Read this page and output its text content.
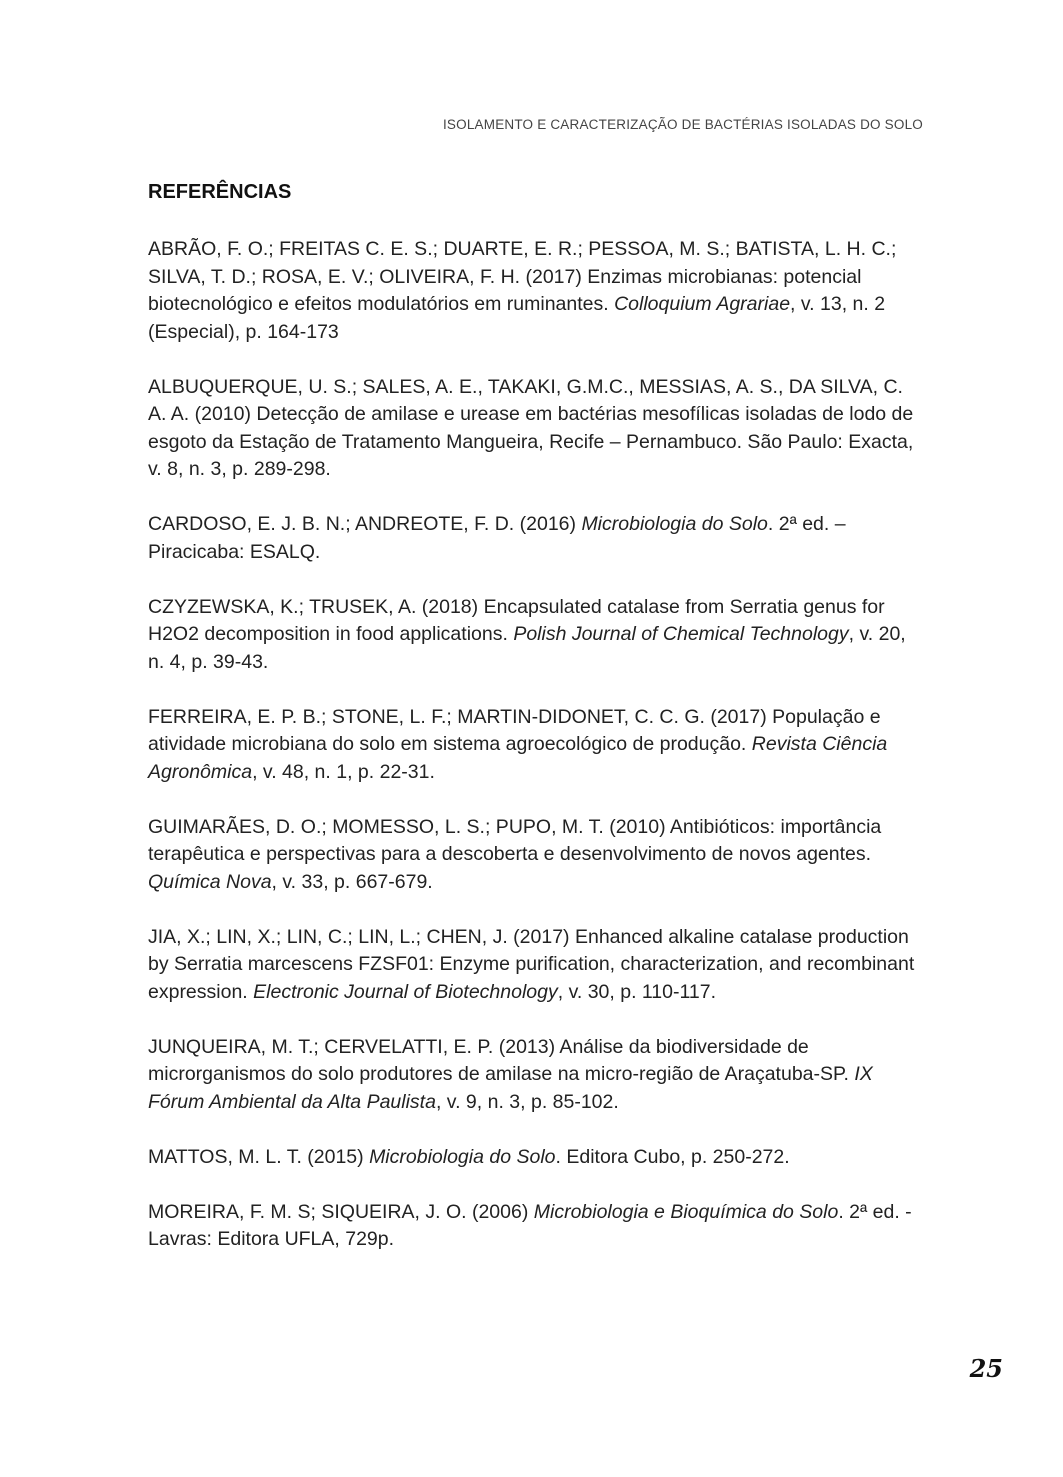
ISOLAMENTO E CARACTERIZAÇÃO DE BACTÉRIAS ISOLADAS DO SOLO
REFERÊNCIAS
ABRÃO, F. O.; FREITAS C. E. S.; DUARTE, E. R.; PESSOA, M. S.; BATISTA, L. H. C.; SILVA, T. D.; ROSA, E. V.; OLIVEIRA, F. H. (2017) Enzimas microbianas: potencial biotecnológico e efeitos modulatórios em ruminantes. Colloquium Agrariae, v. 13, n. 2 (Especial), p. 164-173
ALBUQUERQUE, U. S.; SALES, A. E., TAKAKI, G.M.C., MESSIAS, A. S., DA SILVA, C. A. A. (2010) Detecção de amilase e urease em bactérias mesofílicas isoladas de lodo de esgoto da Estação de Tratamento Mangueira, Recife – Pernambuco. São Paulo: Exacta, v. 8, n. 3, p. 289-298.
CARDOSO, E. J. B. N.; ANDREOTE, F. D. (2016) Microbiologia do Solo. 2ª ed. – Piracicaba: ESALQ.
CZYZEWSKA, K.; TRUSEK, A. (2018) Encapsulated catalase from Serratia genus for H2O2 decomposition in food applications. Polish Journal of Chemical Technology, v. 20, n. 4, p. 39-43.
FERREIRA, E. P. B.; STONE, L. F.; MARTIN-DIDONET, C. C. G. (2017) População e atividade microbiana do solo em sistema agroecológico de produção. Revista Ciência Agronômica, v. 48, n. 1, p. 22-31.
GUIMARÃES, D. O.; MOMESSO, L. S.; PUPO, M. T. (2010) Antibióticos: importância terapêutica e perspectivas para a descoberta e desenvolvimento de novos agentes. Química Nova, v. 33, p. 667-679.
JIA, X.; LIN, X.; LIN, C.; LIN, L.; CHEN, J. (2017) Enhanced alkaline catalase production by Serratia marcescens FZSF01: Enzyme purification, characterization, and recombinant expression. Electronic Journal of Biotechnology, v. 30, p. 110-117.
JUNQUEIRA, M. T.; CERVELATTI, E. P. (2013) Análise da biodiversidade de microrganismos do solo produtores de amilase na micro-região de Araçatuba-SP. IX Fórum Ambiental da Alta Paulista, v. 9, n. 3, p. 85-102.
MATTOS, M. L. T. (2015) Microbiologia do Solo. Editora Cubo, p. 250-272.
MOREIRA, F. M. S; SIQUEIRA, J. O. (2006) Microbiologia e Bioquímica do Solo. 2ª ed. - Lavras: Editora UFLA, 729p.
25
